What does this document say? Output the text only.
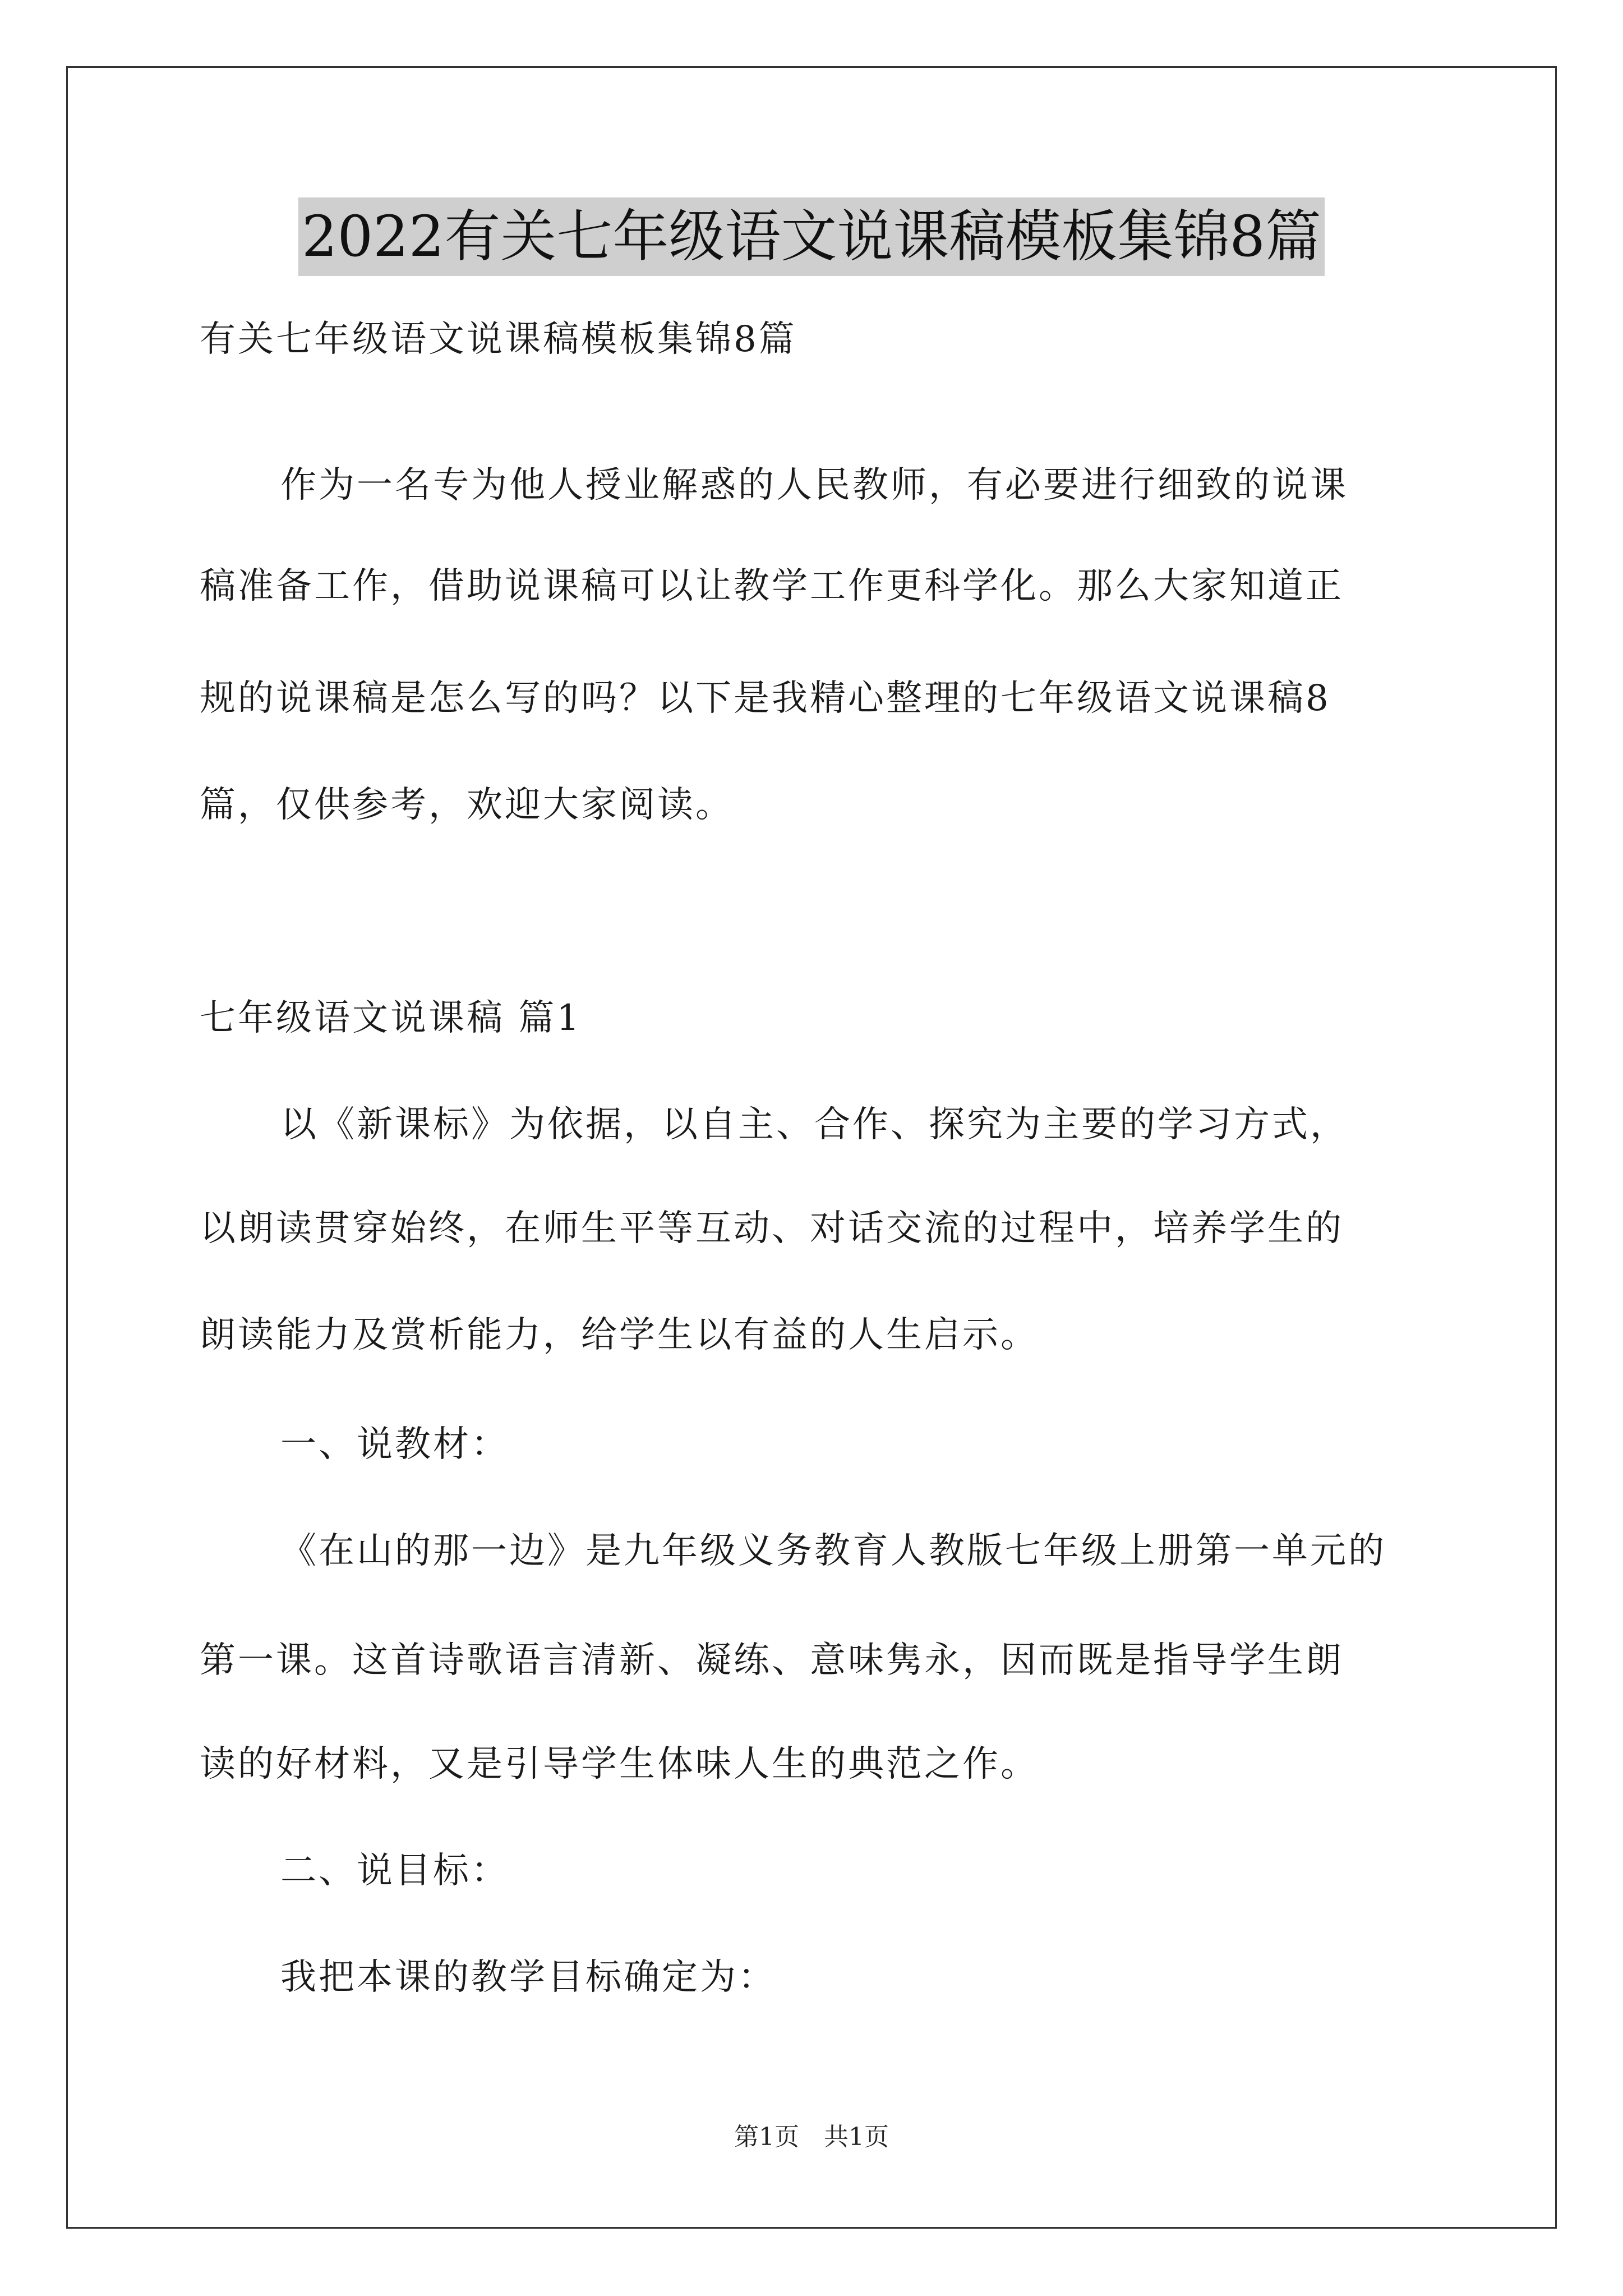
2022有关七年级语文说课稿模板集锦8篇
有关七年级语文说课稿模板集锦8篇
作为一名专为他人授业解惑的人民教师，有必要进行细致的说课
稿准备工作，借助说课稿可以让教学工作更科学化。那么大家知道正
规的说课稿是怎么写的吗？以下是我精心整理的七年级语文说课稿8
篇，仅供参考，欢迎大家阅读。
七年级语文说课稿 篇1
以《新课标》为依据，以自主、合作、探究为主要的学习方式，
以朗读贯穿始终，在师生平等互动、对话交流的过程中，培养学生的
朗读能力及赏析能力，给学生以有益的人生启示。
一、说教材：
《在山的那一边》是九年级义务教育人教版七年级上册第一单元的
第一课。这首诗歌语言清新、凝练、意味隽永，因而既是指导学生朗
读的好材料，又是引导学生体味人生的典范之作。
二、说目标：
我把本课的教学目标确定为：
第1页　共1页
